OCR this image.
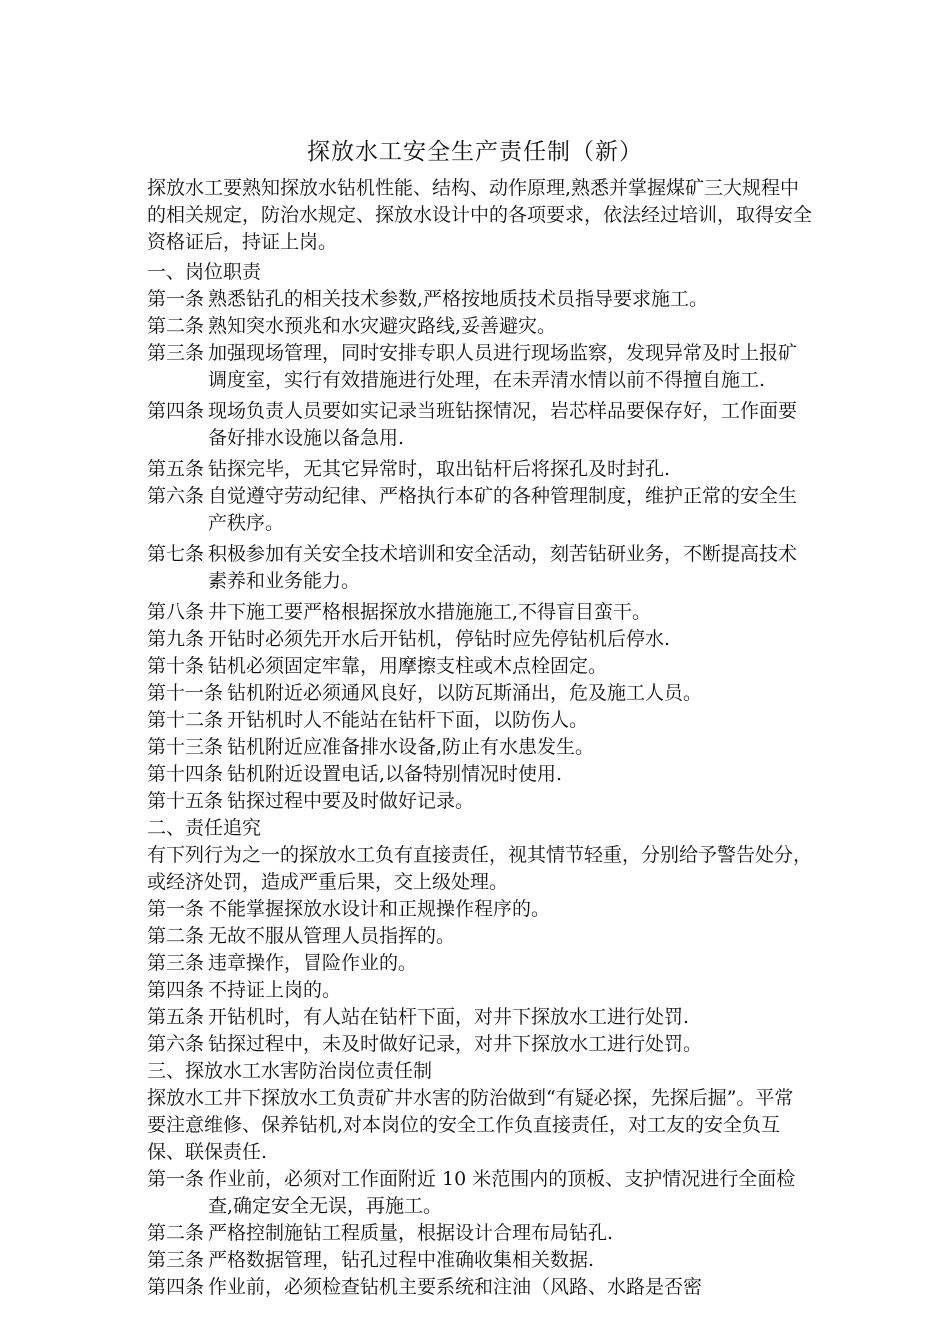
探放水工安全生产责任制（新）

探放水工要熟知探放水钻机性能、结构、动作原理,熟悉并掌握煤矿三大规程中的相关规定，防治水规定、探放水设计中的各项要求，依法经过培训，取得安全资格证后，持证上岗。

一、岗位职责

第一条 熟悉钻孔的相关技术参数,严格按地质技术员指导要求施工。
第二条 熟知突水预兆和水灾避灾路线,妥善避灾。
第三条 加强现场管理，同时安排专职人员进行现场监察，发现异常及时上报矿调度室，实行有效措施进行处理，在未弄清水情以前不得擅自施工.
第四条 现场负责人员要如实记录当班钻探情况，岩芯样品要保存好，工作面要备好排水设施以备急用.
第五条 钻探完毕，无其它异常时，取出钻杆后将探孔及时封孔.
第六条 自觉遵守劳动纪律、严格执行本矿的各种管理制度，维护正常的安全生产秩序。
第七条 积极参加有关安全技术培训和安全活动，刻苦钻研业务，不断提高技术素养和业务能力。
第八条 井下施工要严格根据探放水措施施工,不得盲目蛮干。
第九条 开钻时必须先开水后开钻机，停钻时应先停钻机后停水.
第十条 钻机必须固定牢靠，用摩擦支柱或木点栓固定。
第十一条 钻机附近必须通风良好，以防瓦斯涌出，危及施工人员。
第十二条 开钻机时人不能站在钻杆下面，以防伤人。
第十三条 钻机附近应准备排水设备,防止有水患发生。
第十四条 钻机附近设置电话,以备特别情况时使用.
第十五条 钻探过程中要及时做好记录。

二、责任追究

有下列行为之一的探放水工负有直接责任，视其情节轻重，分别给予警告处分，或经济处罚，造成严重后果，交上级处理。

第一条 不能掌握探放水设计和正规操作程序的。
第二条 无故不服从管理人员指挥的。
第三条 违章操作，冒险作业的。
第四条 不持证上岗的。
第五条 开钻机时，有人站在钻杆下面，对井下探放水工进行处罚.
第六条 钻探过程中，未及时做好记录，对井下探放水工进行处罚。

三、探放水工水害防治岗位责任制

探放水工井下探放水工负责矿井水害的防治做到“有疑必探，先探后掘”。平常要注意维修、保养钻机,对本岗位的安全工作负直接责任，对工友的安全负互保、联保责任.

第一条 作业前，必须对工作面附近 10 米范围内的顶板、支护情况进行全面检查,确定安全无误，再施工。
第二条 严格控制施钻工程质量，根据设计合理布局钻孔.
第三条 严格数据管理，钻孔过程中准确收集相关数据.
第四条 作业前，必须检查钻机主要系统和注油（风路、水路是否密
